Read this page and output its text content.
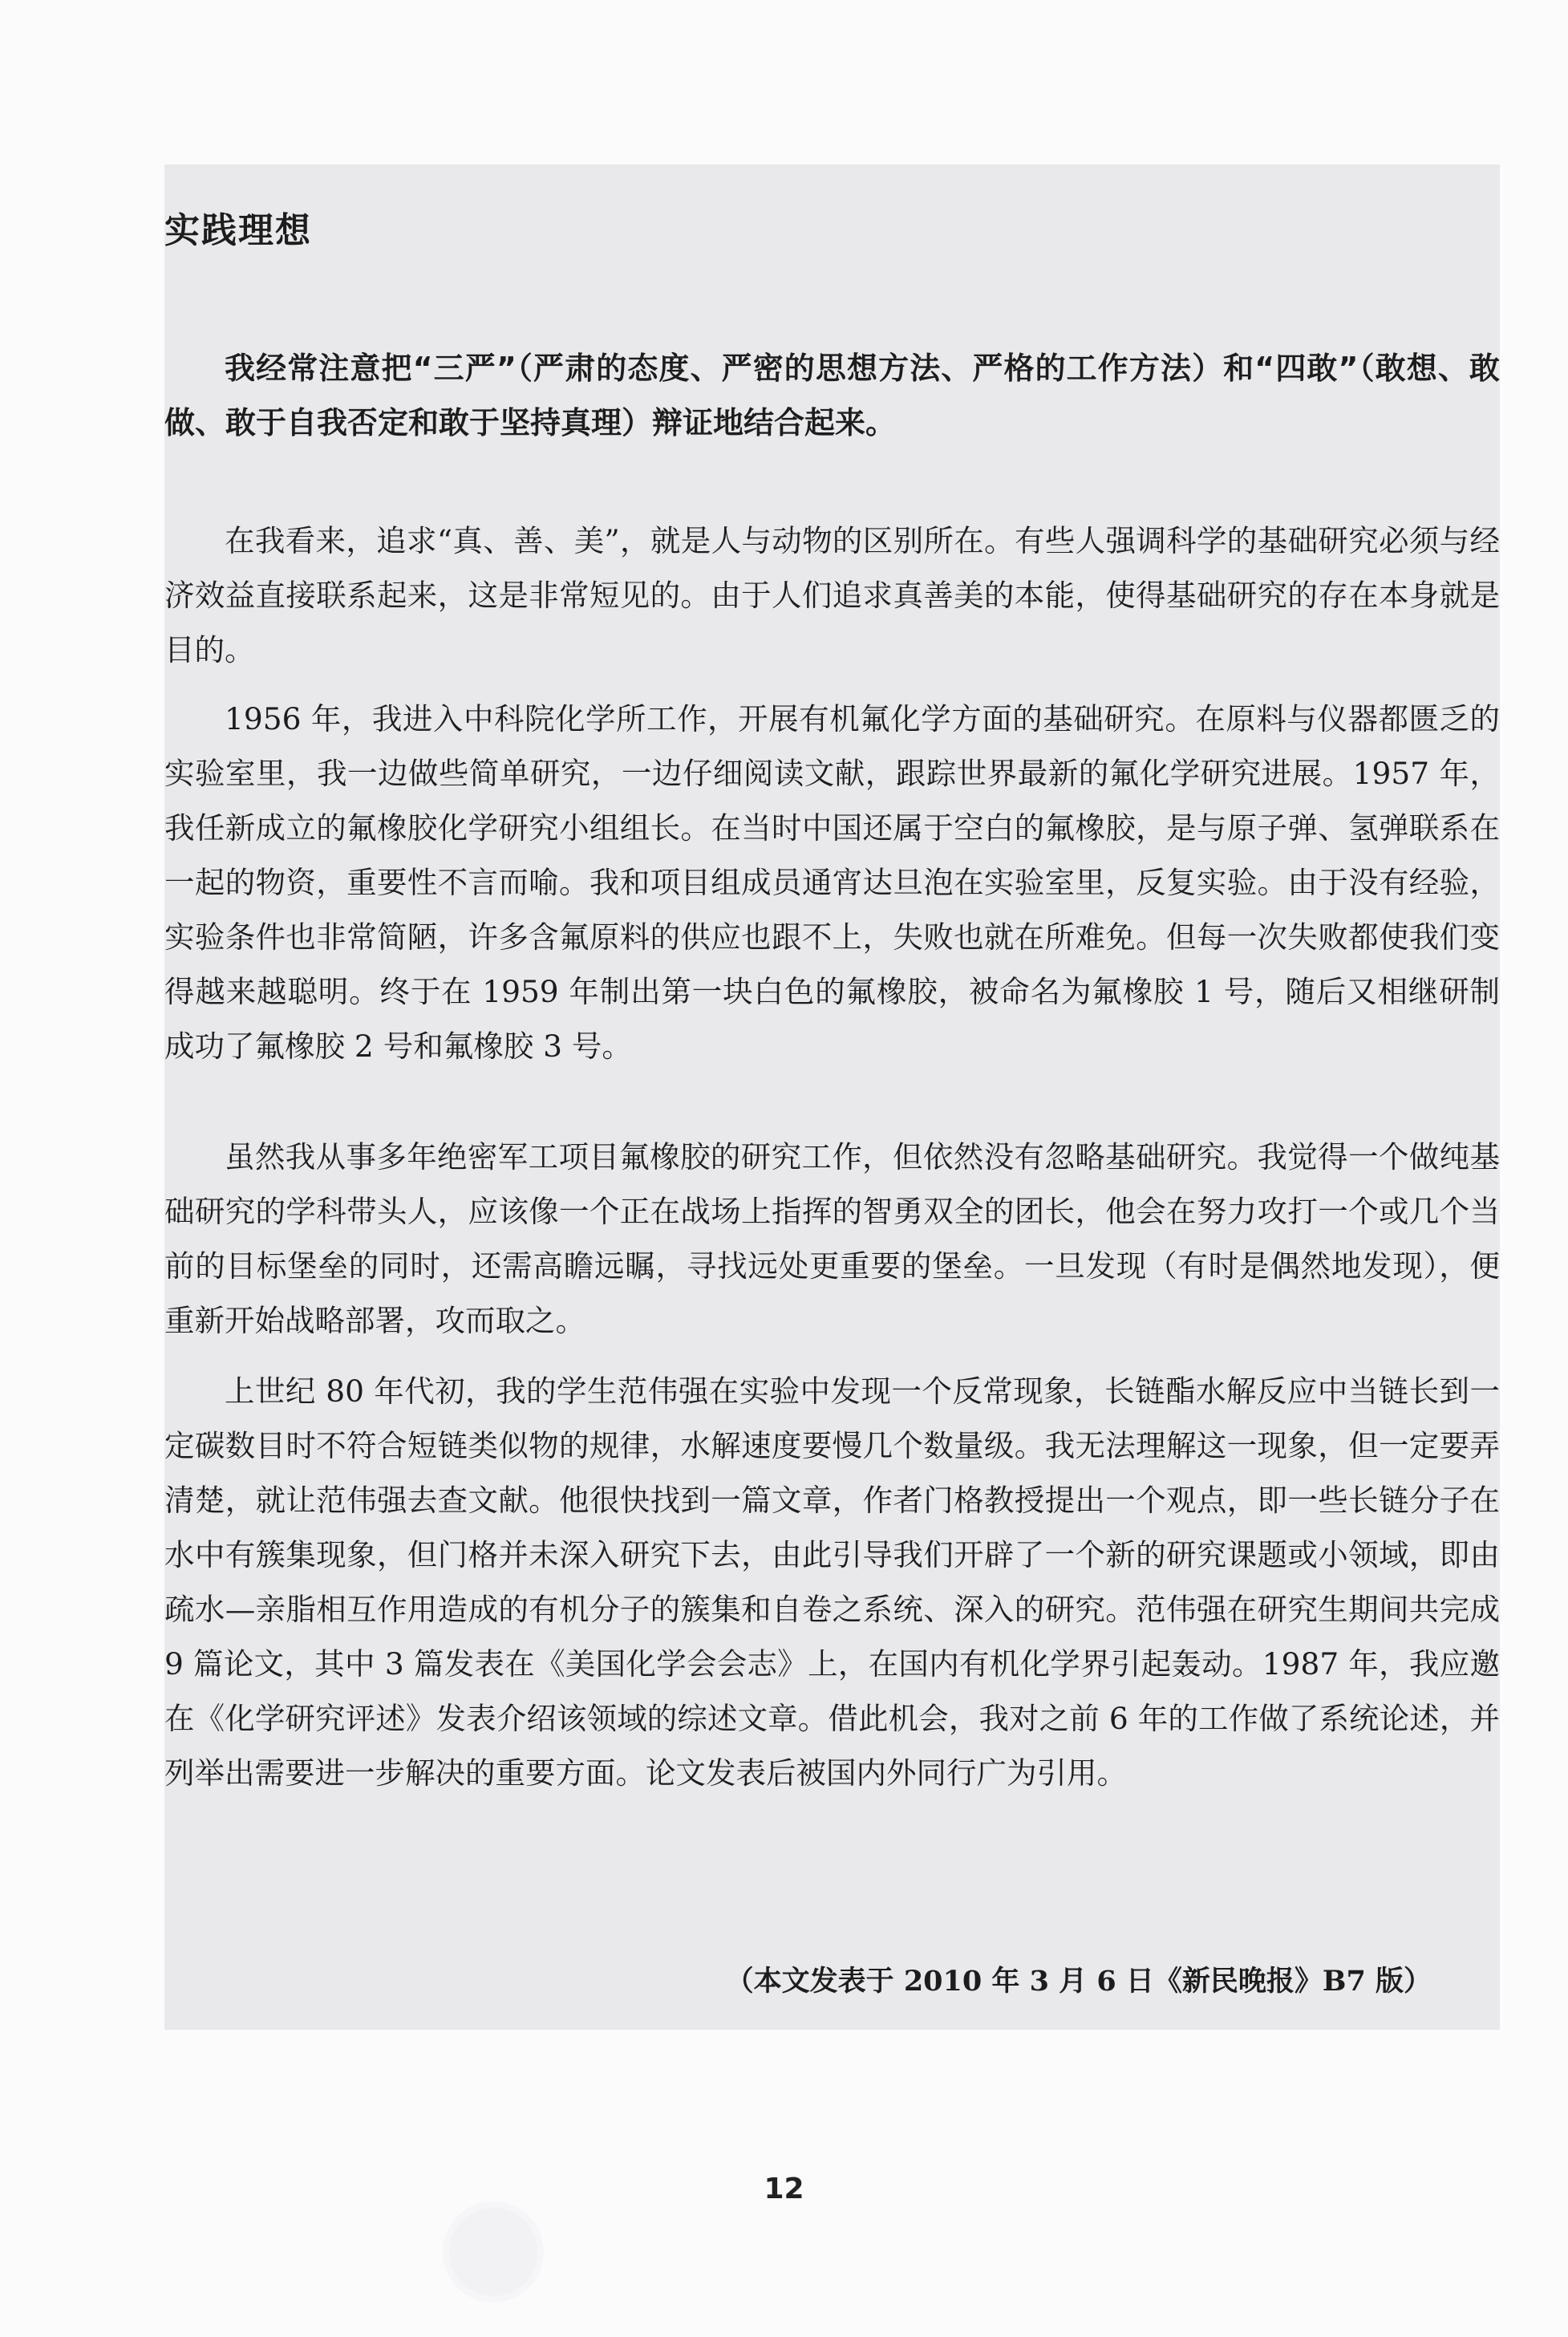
实践理想

我经常注意把“三严”（严肃的态度、严密的思想方法、严格的工作方法）和“四敢”（敢想、敢做、敢于自我否定和敢于坚持真理）辩证地结合起来。

在我看来，追求“真、善、美”，就是人与动物的区别所在。有些人强调科学的基础研究必须与经济效益直接联系起来，这是非常短见的。由于人们追求真善美的本能，使得基础研究的存在本身就是目的。

1956 年，我进入中科院化学所工作，开展有机氟化学方面的基础研究。在原料与仪器都匮乏的实验室里，我一边做些简单研究，一边仔细阅读文献，跟踪世界最新的氟化学研究进展。1957 年，我任新成立的氟橡胶化学研究小组组长。在当时中国还属于空白的氟橡胶，是与原子弹、氢弹联系在一起的物资，重要性不言而喻。我和项目组成员通宵达旦泡在实验室里，反复实验。由于没有经验，实验条件也非常简陋，许多含氟原料的供应也跟不上，失败也就在所难免。但每一次失败都使我们变得越来越聪明。终于在 1959 年制出第一块白色的氟橡胶，被命名为氟橡胶 1 号，随后又相继研制成功了氟橡胶 2 号和氟橡胶 3 号。

虽然我从事多年绝密军工项目氟橡胶的研究工作，但依然没有忽略基础研究。我觉得一个做纯基础研究的学科带头人，应该像一个正在战场上指挥的智勇双全的团长，他会在努力攻打一个或几个当前的目标堡垒的同时，还需高瞻远瞩，寻找远处更重要的堡垒。一旦发现（有时是偶然地发现），便重新开始战略部署，攻而取之。

上世纪 80 年代初，我的学生范伟强在实验中发现一个反常现象，长链酯水解反应中当链长到一定碳数目时不符合短链类似物的规律，水解速度要慢几个数量级。我无法理解这一现象，但一定要弄清楚，就让范伟强去查文献。他很快找到一篇文章，作者门格教授提出一个观点，即一些长链分子在水中有簇集现象，但门格并未深入研究下去，由此引导我们开辟了一个新的研究课题或小领域，即由疏水—亲脂相互作用造成的有机分子的簇集和自卷之系统、深入的研究。范伟强在研究生期间共完成 9 篇论文，其中 3 篇发表在《美国化学会会志》上，在国内有机化学界引起轰动。1987 年，我应邀在《化学研究评述》发表介绍该领域的综述文章。借此机会，我对之前 6 年的工作做了系统论述，并列举出需要进一步解决的重要方面。论文发表后被国内外同行广为引用。

（本文发表于 2010 年 3 月 6 日《新民晚报》B7 版）

12
